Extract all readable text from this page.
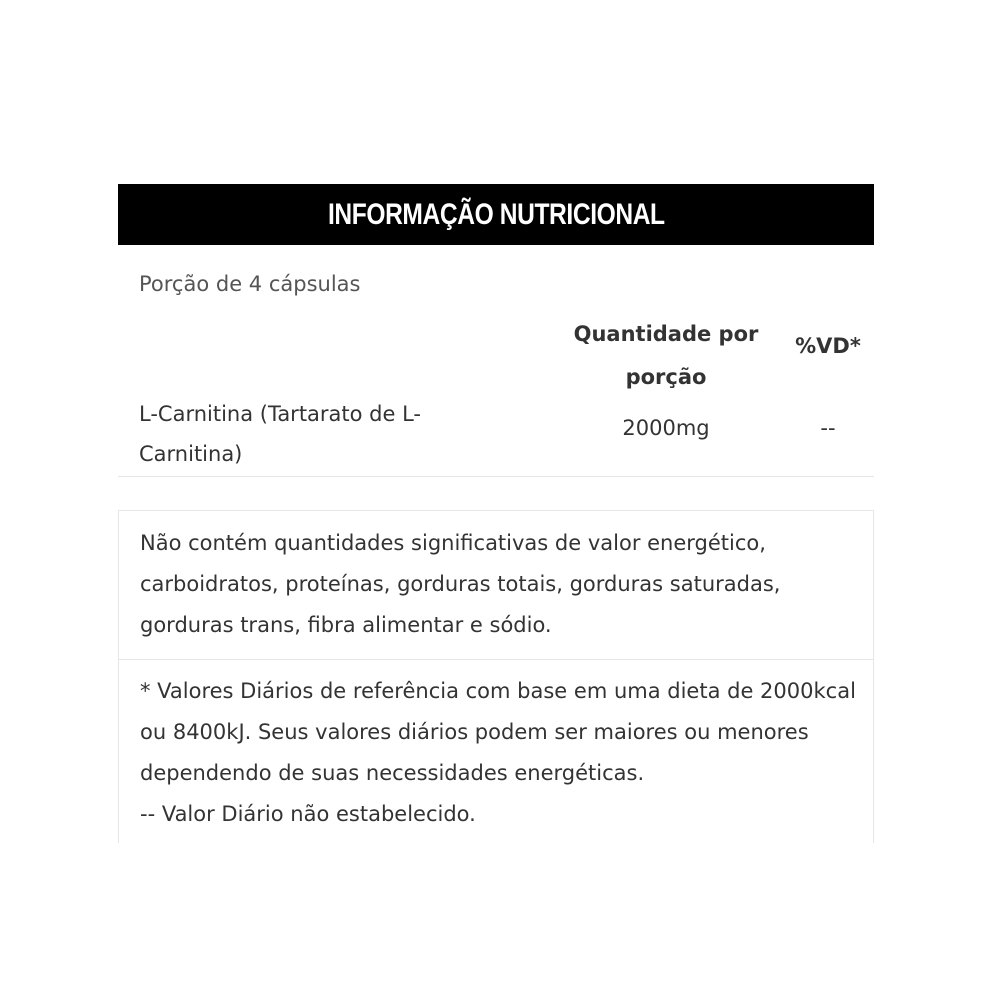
INFORMAÇÃO NUTRICIONAL
Porção de 4 cápsulas
Quantidade por porção
%VD*
L-Carnitina (Tartarato de L-Carnitina)
2000mg	--
Não contém quantidades significativas de valor energético, carboidratos, proteínas, gorduras totais, gorduras saturadas, gorduras trans, fibra alimentar e sódio.
* Valores Diários de referência com base em uma dieta de 2000kcal ou 8400kJ. Seus valores diários podem ser maiores ou menores dependendo de suas necessidades energéticas.
-- Valor Diário não estabelecido.
